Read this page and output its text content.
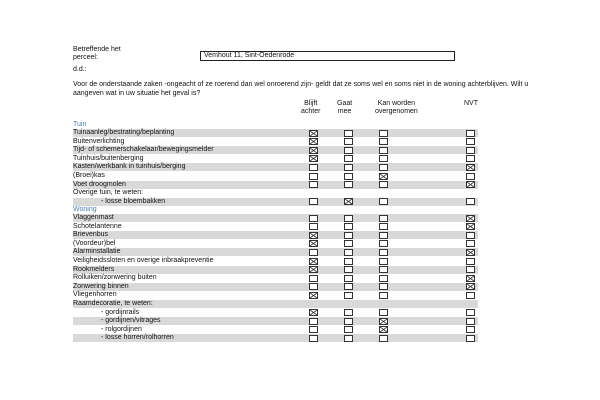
Betreffende het
perceel:	Vemhout 11, Sint-Oedenrode
d.d.:
Voor de onderstaande zaken -ongeacht of ze roerend dan wel onroerend zijn- geldt dat ze soms wel en soms niet in de woning achterblijven. Wilt u aangeven wat in uw situatie het geval is?
Blijft
achter
Gaat
mee
Kan worden
overgenomen
NVT
Tuin
Tuinaanleg/bestrating/beplanting
Buitenverlichting
Tijd- of schemerschakelaar/bewegingsmelder
Tuinhuis/buitenberging
Kasten/werkbank in tuinhuis/berging
(Broei)kas
Voet droogmolen
Overige tuin, te weten:
- losse bloembakken
Woning
Vlaggenmast
Schotelantenne
Brievenbus
(Voordeur)bel
Alarminstallatie
Veiligheidssloten en overige inbraakpreventie
Rookmelders
Rolluiken/zonwering buiten
Zonwering binnen
Vliegenhorren
Raamdecoratie, te weten:
- gordijnrails
- gordijnen/vitrages
- rolgordijnen
- losse horren/rolhorren
